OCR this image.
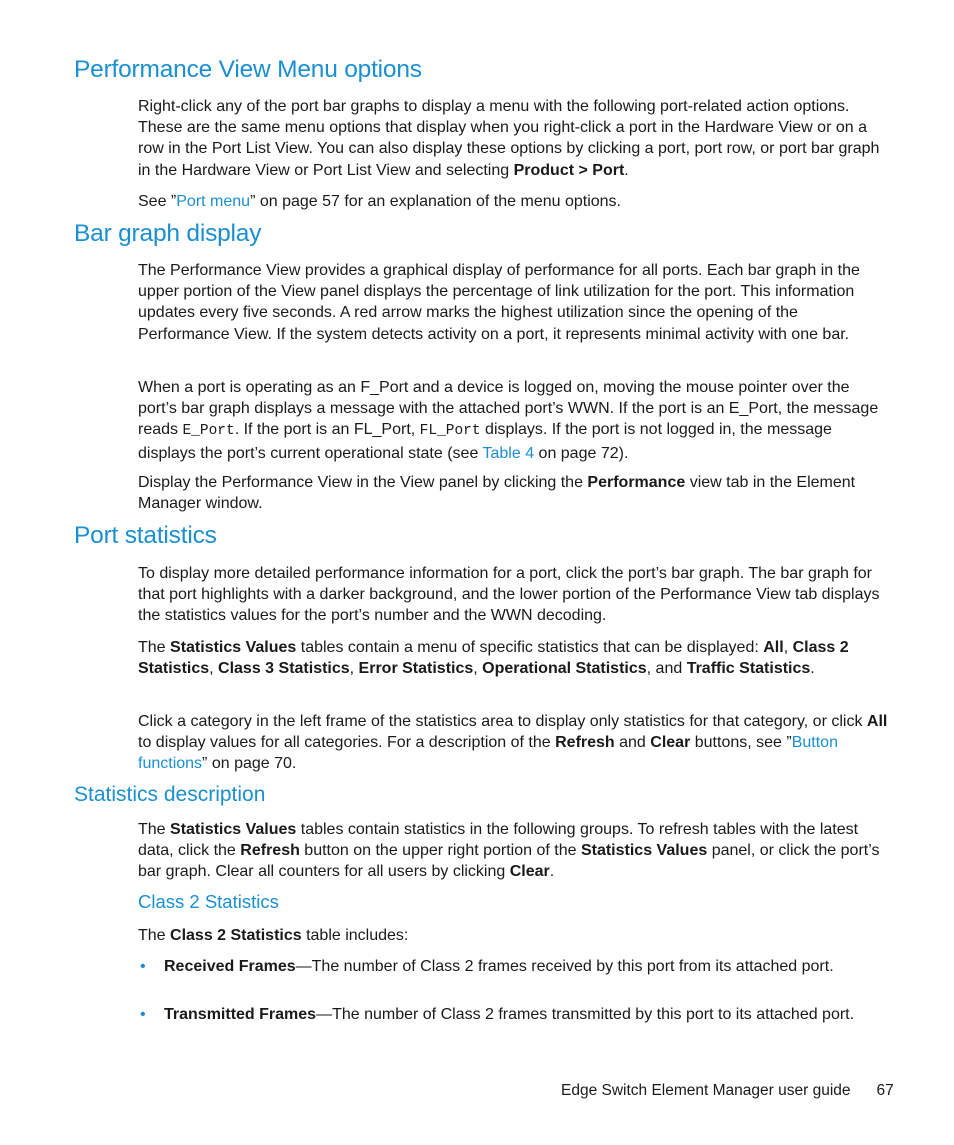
Performance View Menu options

Right-click any of the port bar graphs to display a menu with the following port-related action options. These are the same menu options that display when you right-click a port in the Hardware View or on a row in the Port List View. You can also display these options by clicking a port, port row, or port bar graph in the Hardware View or Port List View and selecting Product > Port.

See ”Port menu” on page 57 for an explanation of the menu options.

Bar graph display

The Performance View provides a graphical display of performance for all ports. Each bar graph in the upper portion of the View panel displays the percentage of link utilization for the port. This information updates every five seconds. A red arrow marks the highest utilization since the opening of the Performance View. If the system detects activity on a port, it represents minimal activity with one bar.

When a port is operating as an F_Port and a device is logged on, moving the mouse pointer over the port’s bar graph displays a message with the attached port’s WWN. If the port is an E_Port, the message reads E_Port. If the port is an FL_Port, FL_Port displays. If the port is not logged in, the message displays the port’s current operational state (see Table 4 on page 72).

Display the Performance View in the View panel by clicking the Performance view tab in the Element Manager window.

Port statistics

To display more detailed performance information for a port, click the port’s bar graph. The bar graph for that port highlights with a darker background, and the lower portion of the Performance View tab displays the statistics values for the port’s number and the WWN decoding.

The Statistics Values tables contain a menu of specific statistics that can be displayed: All, Class 2 Statistics, Class 3 Statistics, Error Statistics, Operational Statistics, and Traffic Statistics.

Click a category in the left frame of the statistics area to display only statistics for that category, or click All to display values for all categories. For a description of the Refresh and Clear buttons, see ”Button functions” on page 70.

Statistics description

The Statistics Values tables contain statistics in the following groups. To refresh tables with the latest data, click the Refresh button on the upper right portion of the Statistics Values panel, or click the port’s bar graph. Clear all counters for all users by clicking Clear.

Class 2 Statistics

The Class 2 Statistics table includes:

• Received Frames—The number of Class 2 frames received by this port from its attached port.
• Transmitted Frames—The number of Class 2 frames transmitted by this port to its attached port.
Edge Switch Element Manager user guide 67
